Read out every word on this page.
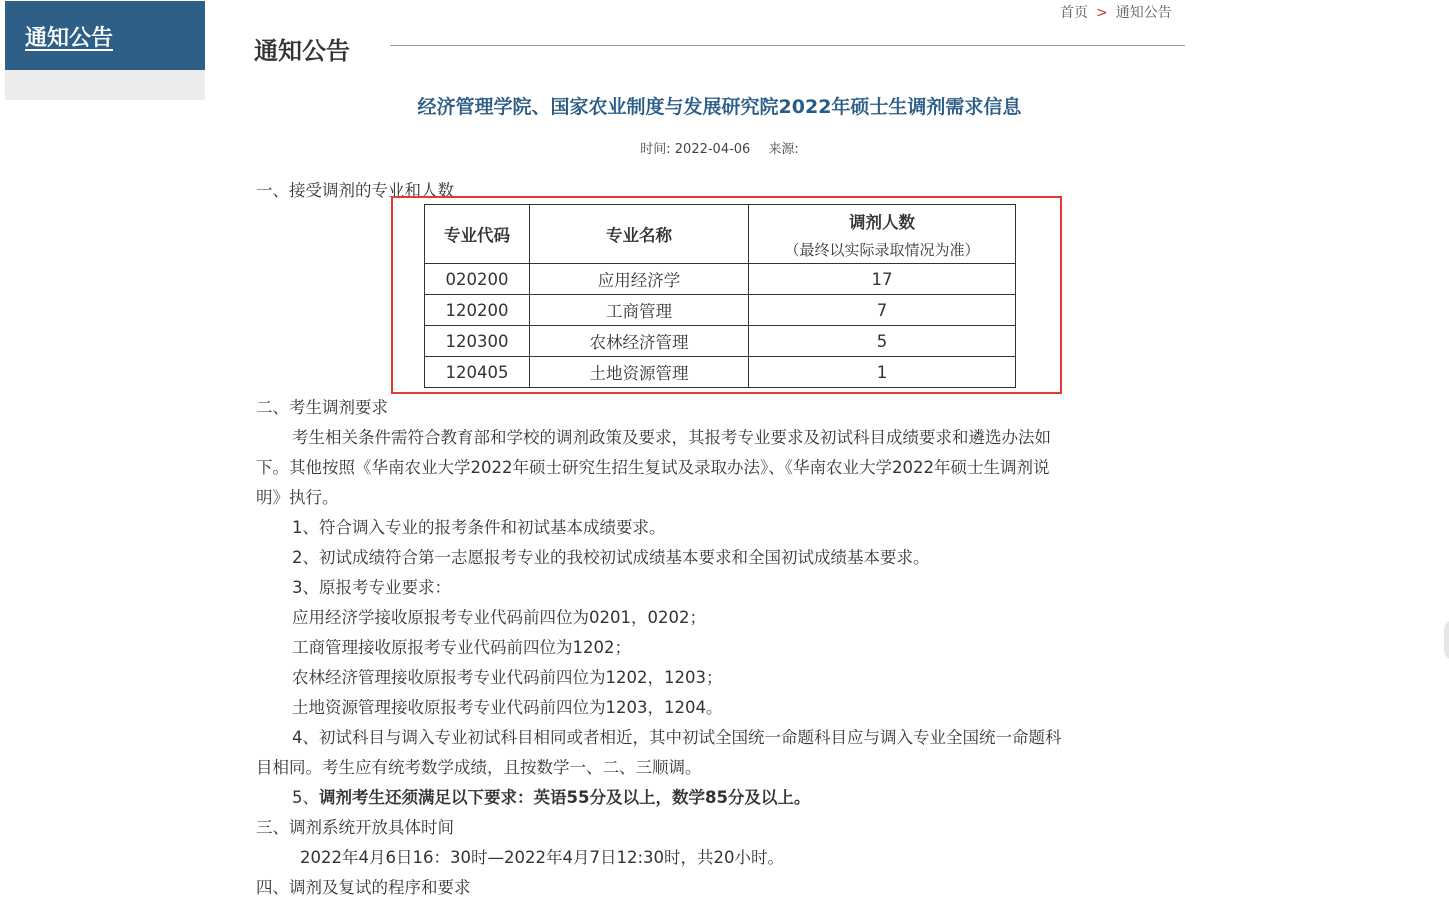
通知公告
首页 > 通知公告
通知公告
经济管理学院、国家农业制度与发展研究院2022年硕士生调剂需求信息
时间: 2022-04-06 来源:
一、接受调剂的专业和人数
专业代码	专业名称	调剂人数
（最终以实际录取情况为准）

020200	应用经济学	17
120200	工商管理	7
120300	农林经济管理	5
120405	土地资源管理	1
二、考生调剂要求
考生相关条件需符合教育部和学校的调剂政策及要求，其报考专业要求及初试科目成绩要求和遴选办法如
下。其他按照《华南农业大学2022年硕士研究生招生复试及录取办法》、《华南农业大学2022年硕士生调剂说
明》执行。
1、符合调入专业的报考条件和初试基本成绩要求。
2、初试成绩符合第一志愿报考专业的我校初试成绩基本要求和全国初试成绩基本要求。
3、原报考专业要求：
应用经济学接收原报考专业代码前四位为0201，0202；
工商管理接收原报考专业代码前四位为1202；
农林经济管理接收原报考专业代码前四位为1202，1203；
土地资源管理接收原报考专业代码前四位为1203，1204。
4、初试科目与调入专业初试科目相同或者相近，其中初试全国统一命题科目应与调入专业全国统一命题科
目相同。考生应有统考数学成绩，且按数学一、二、三顺调。
5、调剂考生还须满足以下要求：英语55分及以上，数学85分及以上。
三、调剂系统开放具体时间
2022年4月6日16：30时—2022年4月7日12:30时，共20小时。
四、调剂及复试的程序和要求
